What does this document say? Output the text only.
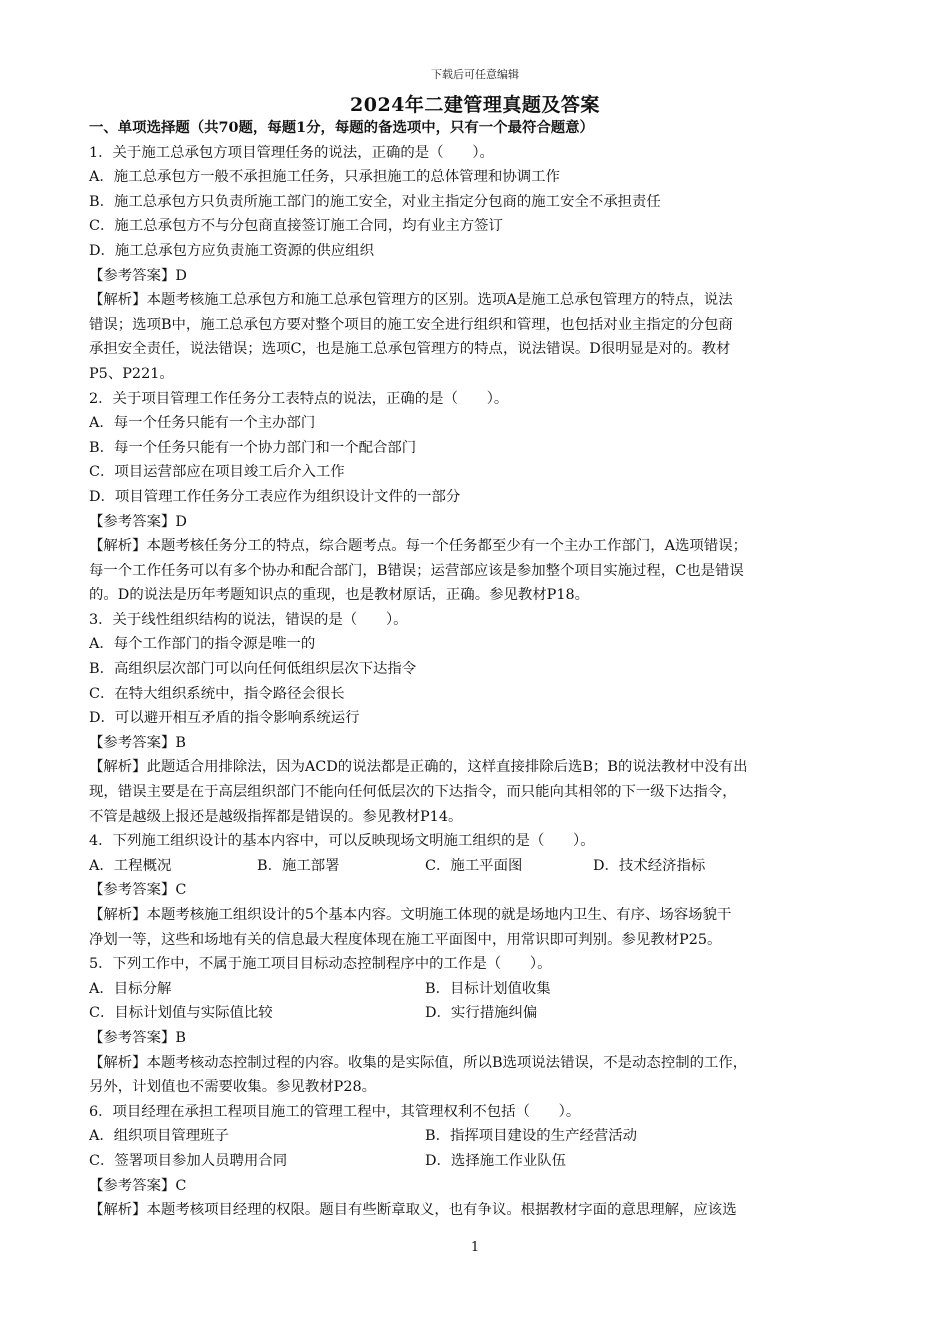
下载后可任意编辑
2024年二建管理真题及答案
一、单项选择题（共70题，每题1分，每题的备选项中，只有一个最符合题意）
1．关于施工总承包方项目管理任务的说法，正确的是（　　）。
A．施工总承包方一般不承担施工任务，只承担施工的总体管理和协调工作
B．施工总承包方只负责所施工部门的施工安全，对业主指定分包商的施工安全不承担责任
C．施工总承包方不与分包商直接签订施工合同，均有业主方签订
D．施工总承包方应负责施工资源的供应组织
【参考答案】D
【解析】本题考核施工总承包方和施工总承包管理方的区别。选项A是施工总承包管理方的特点，说法
错误；选项B中，施工总承包方要对整个项目的施工安全进行组织和管理，也包括对业主指定的分包商
承担安全责任，说法错误；选项C，也是施工总承包管理方的特点，说法错误。D很明显是对的。教材
P5、P221。
2．关于项目管理工作任务分工表特点的说法，正确的是（　　）。
A．每一个任务只能有一个主办部门
B．每一个任务只能有一个协力部门和一个配合部门
C．项目运营部应在项目竣工后介入工作
D．项目管理工作任务分工表应作为组织设计文件的一部分
【参考答案】D
【解析】本题考核任务分工的特点，综合题考点。每一个任务都至少有一个主办工作部门，A选项错误；
每一个工作任务可以有多个协办和配合部门，B错误；运营部应该是参加整个项目实施过程，C也是错误
的。D的说法是历年考题知识点的重现，也是教材原话，正确。参见教材P18。
3．关于线性组织结构的说法，错误的是（　　）。
A．每个工作部门的指令源是唯一的
B．高组织层次部门可以向任何低组织层次下达指令
C．在特大组织系统中，指令路径会很长
D．可以避开相互矛盾的指令影响系统运行
【参考答案】B
【解析】此题适合用排除法，因为ACD的说法都是正确的，这样直接排除后选B；B的说法教材中没有出
现，错误主要是在于高层组织部门不能向任何低层次的下达指令，而只能向其相邻的下一级下达指令，
不管是越级上报还是越级指挥都是错误的。参见教材P14。
4．下列施工组织设计的基本内容中，可以反映现场文明施工组织的是（　　）。
A．工程概况	B．施工部署	C．施工平面图	D．技术经济指标
【参考答案】C
【解析】本题考核施工组织设计的5个基本内容。文明施工体现的就是场地内卫生、有序、场容场貌干
净划一等，这些和场地有关的信息最大程度体现在施工平面图中，用常识即可判别。参见教材P25。
5．下列工作中，不属于施工项目目标动态控制程序中的工作是（　　）。
A．目标分解	B．目标计划值收集
C．目标计划值与实际值比较	D．实行措施纠偏
【参考答案】B
【解析】本题考核动态控制过程的内容。收集的是实际值，所以B选项说法错误，不是动态控制的工作，
另外，计划值也不需要收集。参见教材P28。
6．项目经理在承担工程项目施工的管理工程中，其管理权利不包括（　　）。
A．组织项目管理班子	B．指挥项目建设的生产经营活动
C．签署项目参加人员聘用合同	D．选择施工作业队伍
【参考答案】C
【解析】本题考核项目经理的权限。题目有些断章取义，也有争议。根据教材字面的意思理解，应该选
1
